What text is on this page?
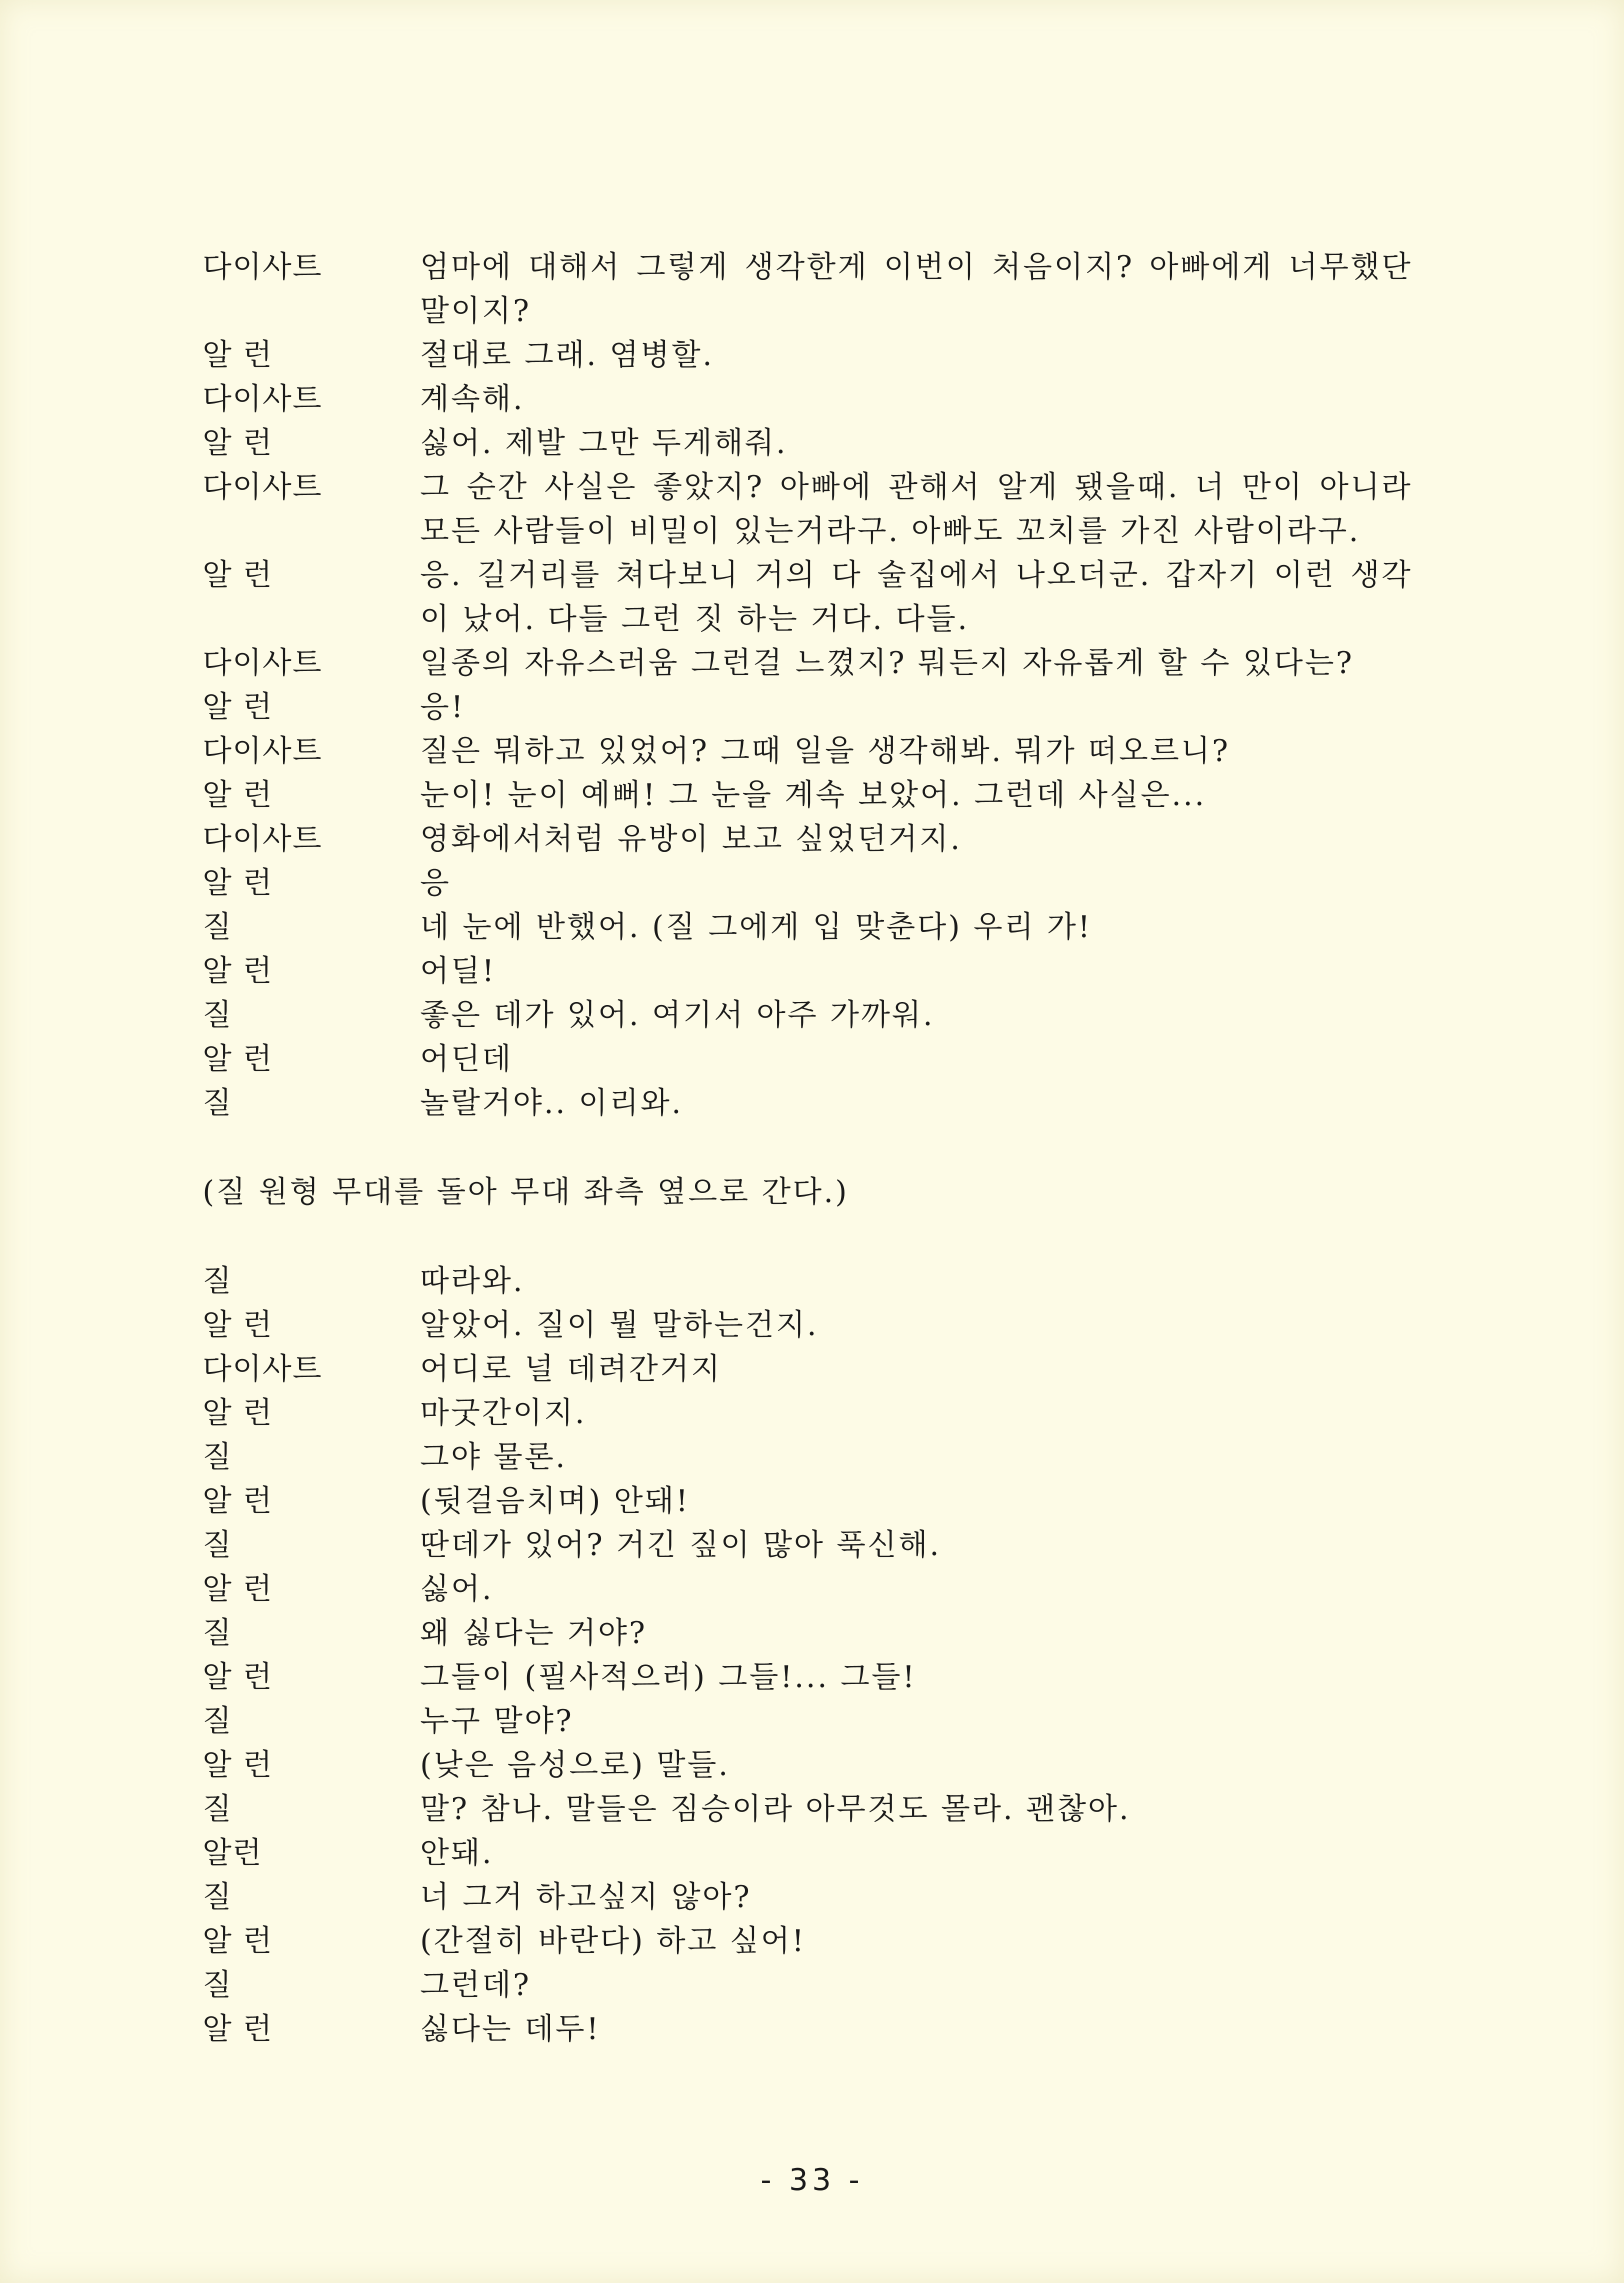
다이사트	엄마에 대해서 그렇게 생각한게 이번이 처음이지? 아빠에게 너무했단 말이지?
알 런	절대로 그래. 염병할.
다이사트	계속해.
알 런	싫어. 제발 그만 두게해줘.
다이사트	그 순간 사실은 좋았지? 아빠에 관해서 알게 됐을때. 너 만이 아니라 모든 사람들이 비밀이 있는거라구. 아빠도 꼬치를 가진 사람이라구.
알 런	응. 길거리를 쳐다보니 거의 다 술집에서 나오더군. 갑자기 이런 생각이 났어. 다들 그런 짓 하는 거다. 다들.
다이사트	일종의 자유스러움 그런걸 느꼈지? 뭐든지 자유롭게 할 수 있다는?
알 런	응!
다이사트	질은 뭐하고 있었어? 그때 일을 생각해봐. 뭐가 떠오르니?
알 런	눈이! 눈이 예뻐! 그 눈을 계속 보았어. 그런데 사실은...
다이사트	영화에서처럼 유방이 보고 싶었던거지.
알 런	응
질	네 눈에 반했어. (질 그에게 입 맞춘다) 우리 가!
알 런	어딜!
질	좋은 데가 있어. 여기서 아주 가까워.
알 런	어딘데
질	놀랄거야.. 이리와.
(질 원형 무대를 돌아 무대 좌측 옆으로 간다.)
질	따라와.
알 런	알았어. 질이 뭘 말하는건지.
다이사트	어디로 널 데려간거지
알 런	마굿간이지.
질	그야 물론.
알 런	(뒷걸음치며) 안돼!
질	딴데가 있어? 거긴 짚이 많아 푹신해.
알 런	싫어.
질	왜 싫다는 거야?
알 런	그들이 (필사적으러) 그들!... 그들!
질	누구 말야?
알 런	(낮은 음성으로) 말들.
질	말? 참나. 말들은 짐승이라 아무것도 몰라. 괜찮아.
알런	안돼.
질	너 그거 하고싶지 않아?
알 런	(간절히 바란다) 하고 싶어!
질	그런데?
알 런	싫다는 데두!
- 33 -
